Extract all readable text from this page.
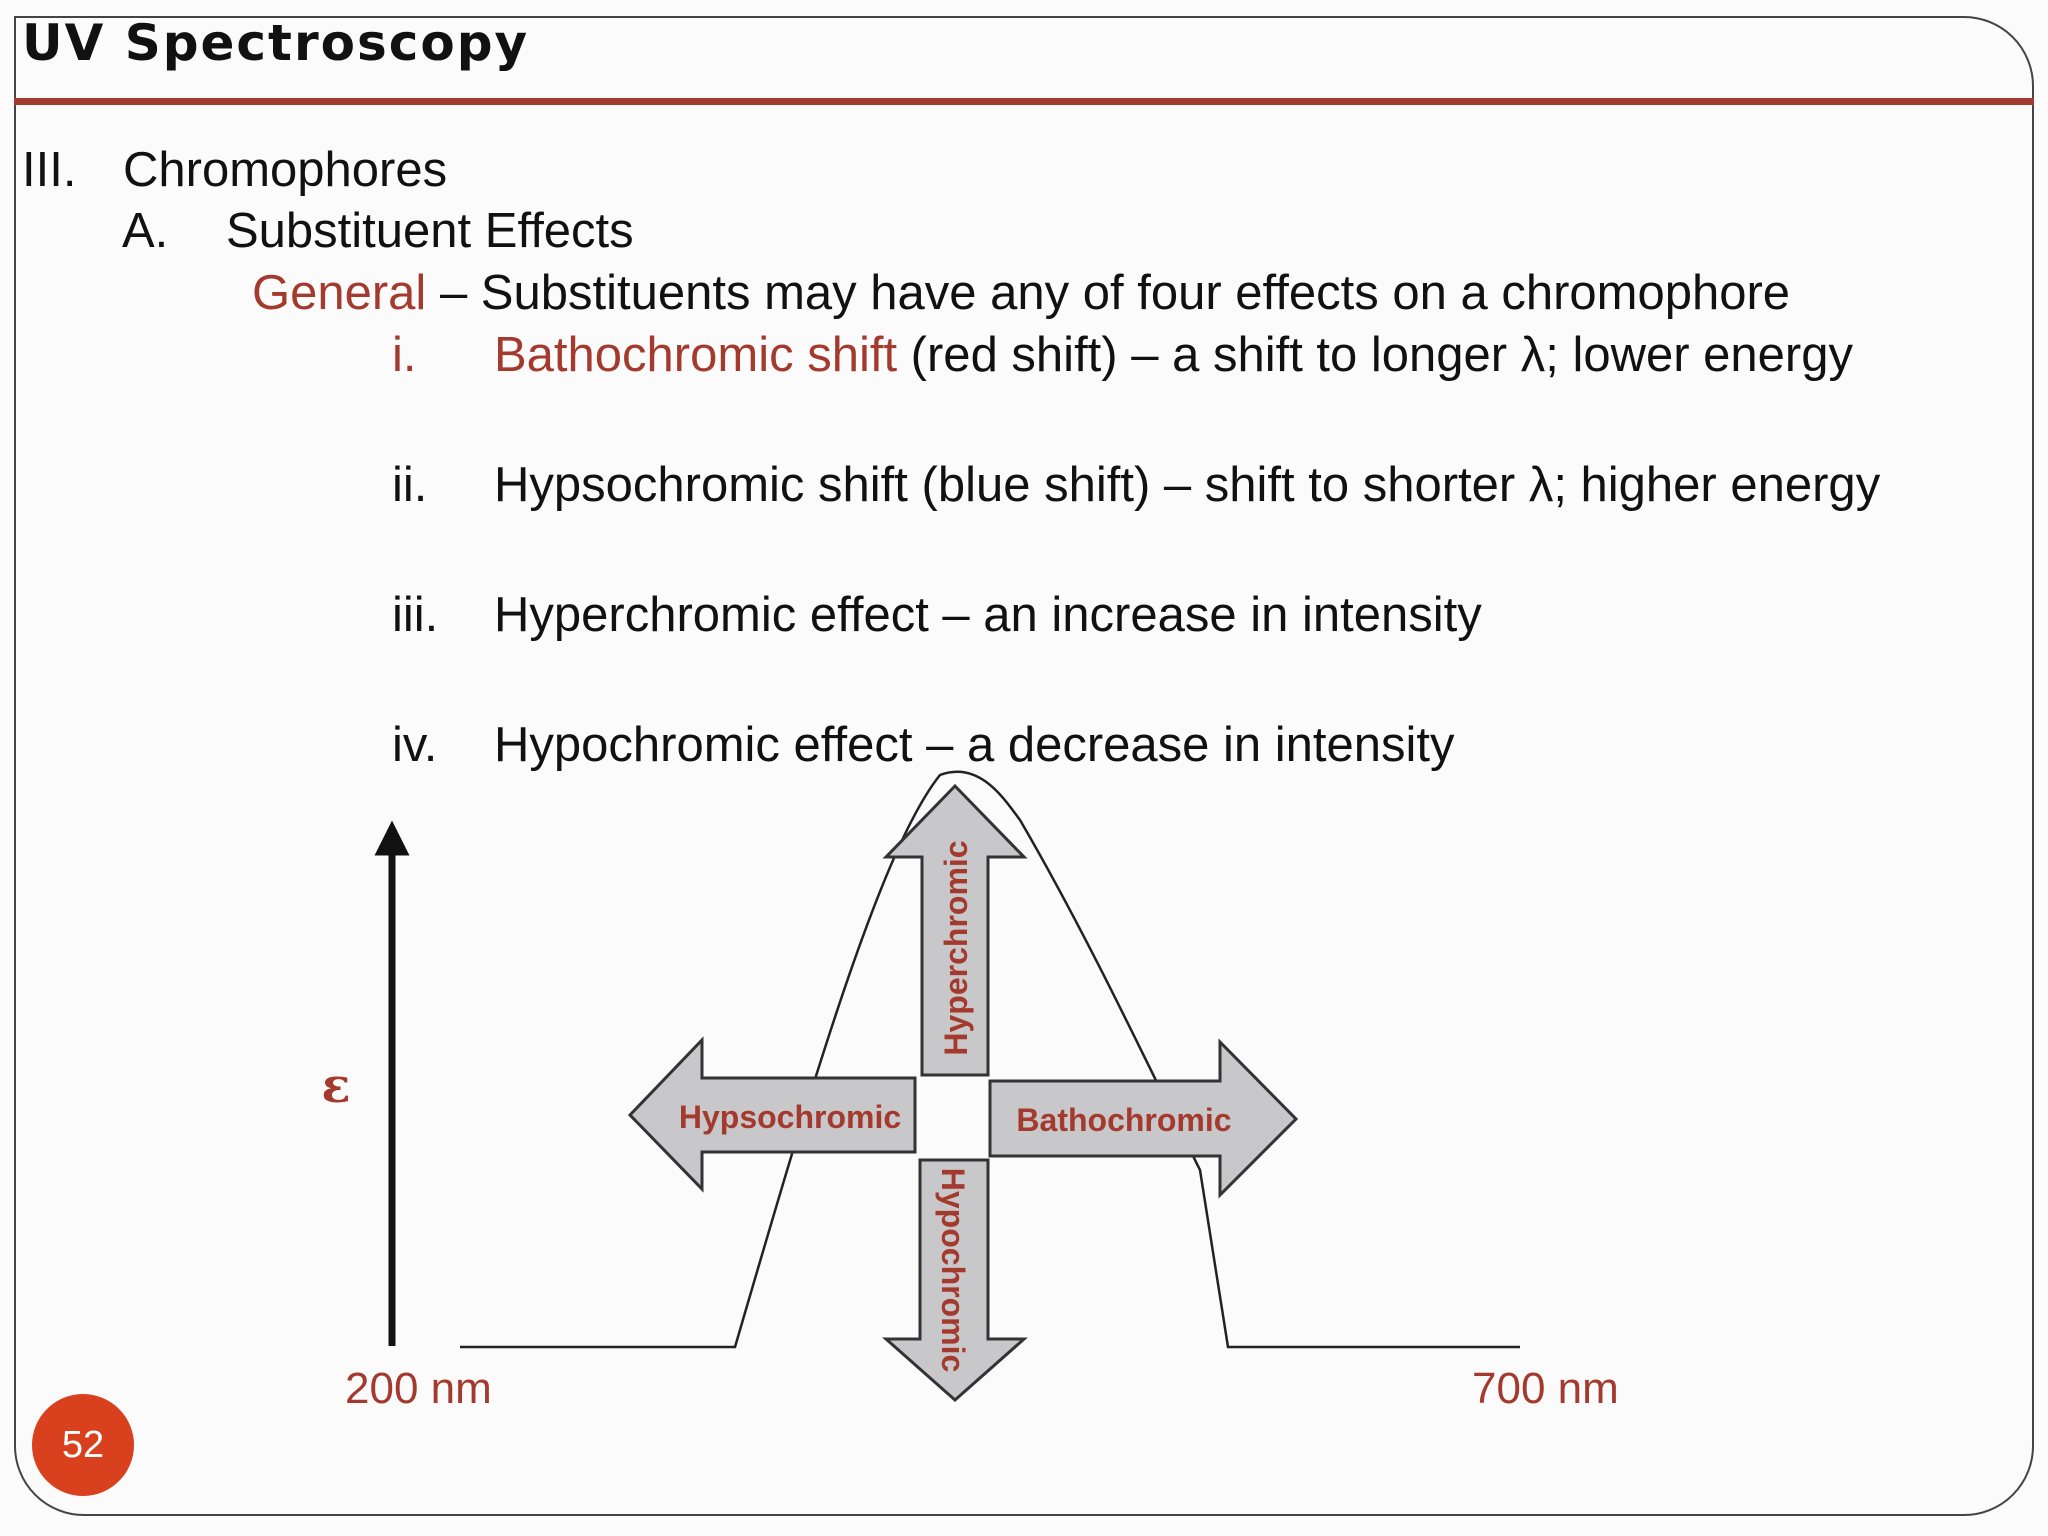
UV Spectroscopy
III. Chromophores
A. Substituent Effects
General – Substituents may have any of four effects on a chromophore
i. Bathochromic shift (red shift) – a shift to longer λ; lower energy
ii. Hypsochromic shift (blue shift) – shift to shorter λ; higher energy
iii. Hyperchromic effect – an increase in intensity
iv. Hypochromic effect – a decrease in intensity
ε
Hyperchromic
Hypochromic
Hypsochromic	Bathochromic
200 nm	700 nm
52
